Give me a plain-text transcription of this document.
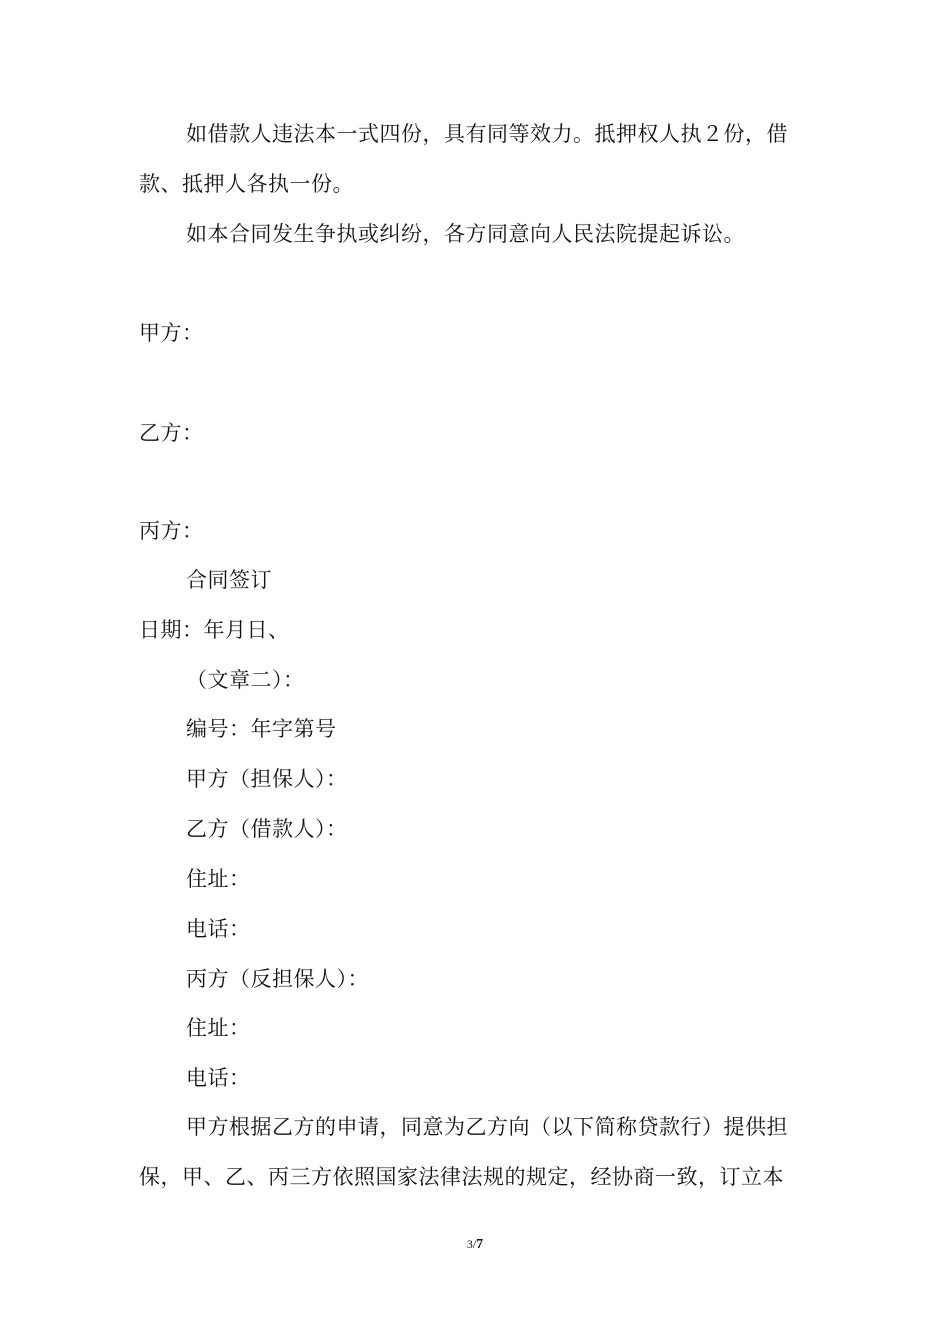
如借款人违法本一式四份，具有同等效力。抵押权人执２份，借
款、抵押人各执一份。
如本合同发生争执或纠纷，各方同意向人民法院提起诉讼。
甲方：
乙方：
丙方：
合同签订
日期：年月日、
（文章二）：
编号：年字第号
甲方（担保人）：
乙方（借款人）：
住址：
电话：
丙方（反担保人）：
住址：
电话：
甲方根据乙方的申请，同意为乙方向（以下简称贷款行）提供担
保，甲、乙、丙三方依照国家法律法规的规定，经协商一致，订立本
3/7
